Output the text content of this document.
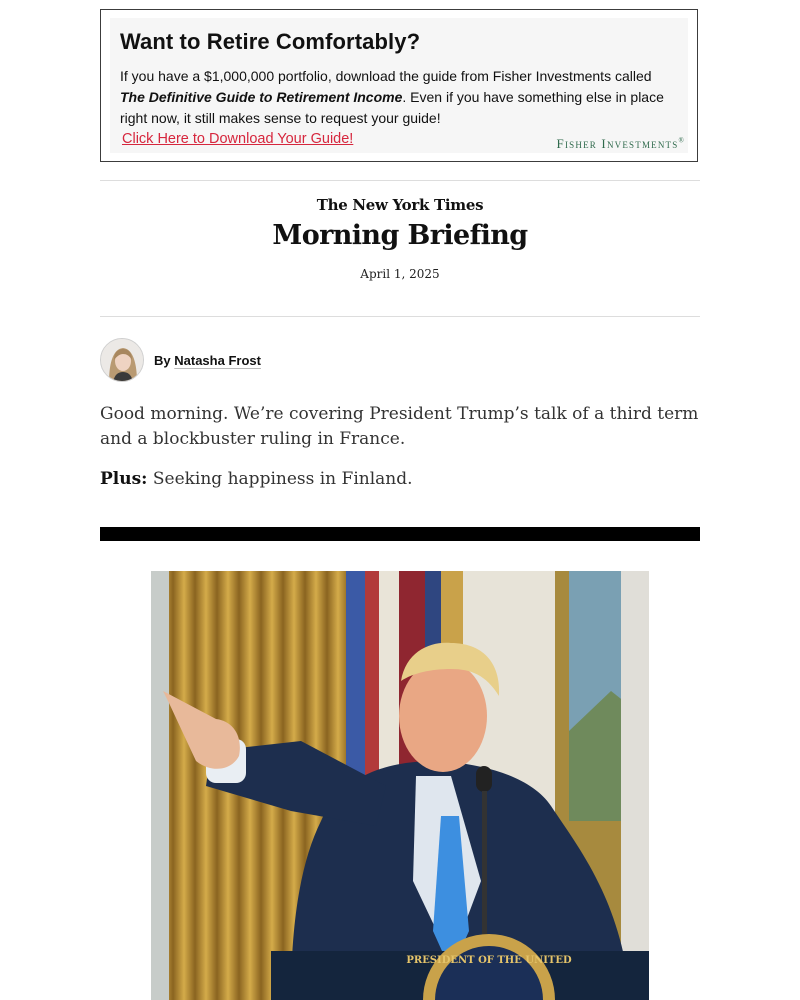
Want to Retire Comfortably?
If you have a $1,000,000 portfolio, download the guide from Fisher Investments called The Definitive Guide to Retirement Income. Even if you have something else in place right now, it still makes sense to request your guide!
Click Here to Download Your Guide!	Fisher Investments®
The New York Times
Morning Briefing
April 1, 2025
By Natasha Frost

Good morning. We’re covering President Trump’s talk of a third term and a blockbuster ruling in France.

Plus: Seeking happiness in Finland.

PRESIDENT OF THE UNITED
